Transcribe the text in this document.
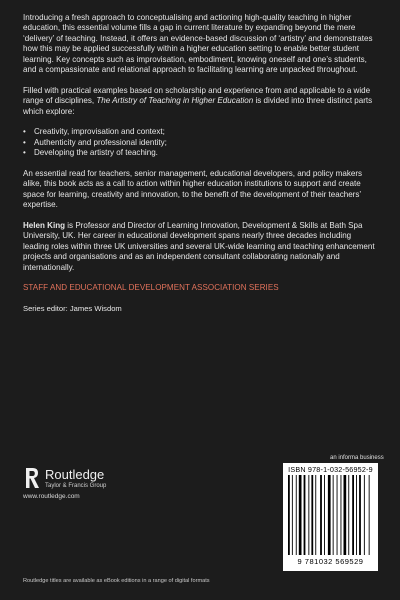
Introducing a fresh approach to conceptualising and actioning high-quality teaching in higher education, this essential volume fills a gap in current literature by expanding beyond the mere ‘delivery’ of teaching. Instead, it offers an evidence-based discussion of ‘artistry’ and demonstrates how this may be applied successfully within a higher education setting to enable better student learning. Key concepts such as improvisation, embodiment, knowing oneself and one’s students, and a compassionate and relational approach to facilitating learning are unpacked throughout.

Filled with practical examples based on scholarship and experience from and applicable to a wide range of disciplines, The Artistry of Teaching in Higher Education is divided into three distinct parts which explore:

• Creativity, improvisation and context;
• Authenticity and professional identity;
• Developing the artistry of teaching.

An essential read for teachers, senior management, educational developers, and policy makers alike, this book acts as a call to action within higher education institutions to support and create space for learning, creativity and innovation, to the benefit of the development of their teachers’ expertise.

Helen King is Professor and Director of Learning Innovation, Development & Skills at Bath Spa University, UK. Her career in educational development spans nearly three decades including leading roles within three UK universities and several UK-wide learning and teaching enhancement projects and organisations and as an independent consultant collaborating nationally and internationally.

STAFF AND EDUCATIONAL DEVELOPMENT ASSOCIATION SERIES
Series editor: James Wisdom
Routledge
Taylor & Francis Group
www.routledge.com
an informa business
ISBN 978-1-032-56952-9
9 781032 569529
Routledge titles are available as eBook editions in a range of digital formats
